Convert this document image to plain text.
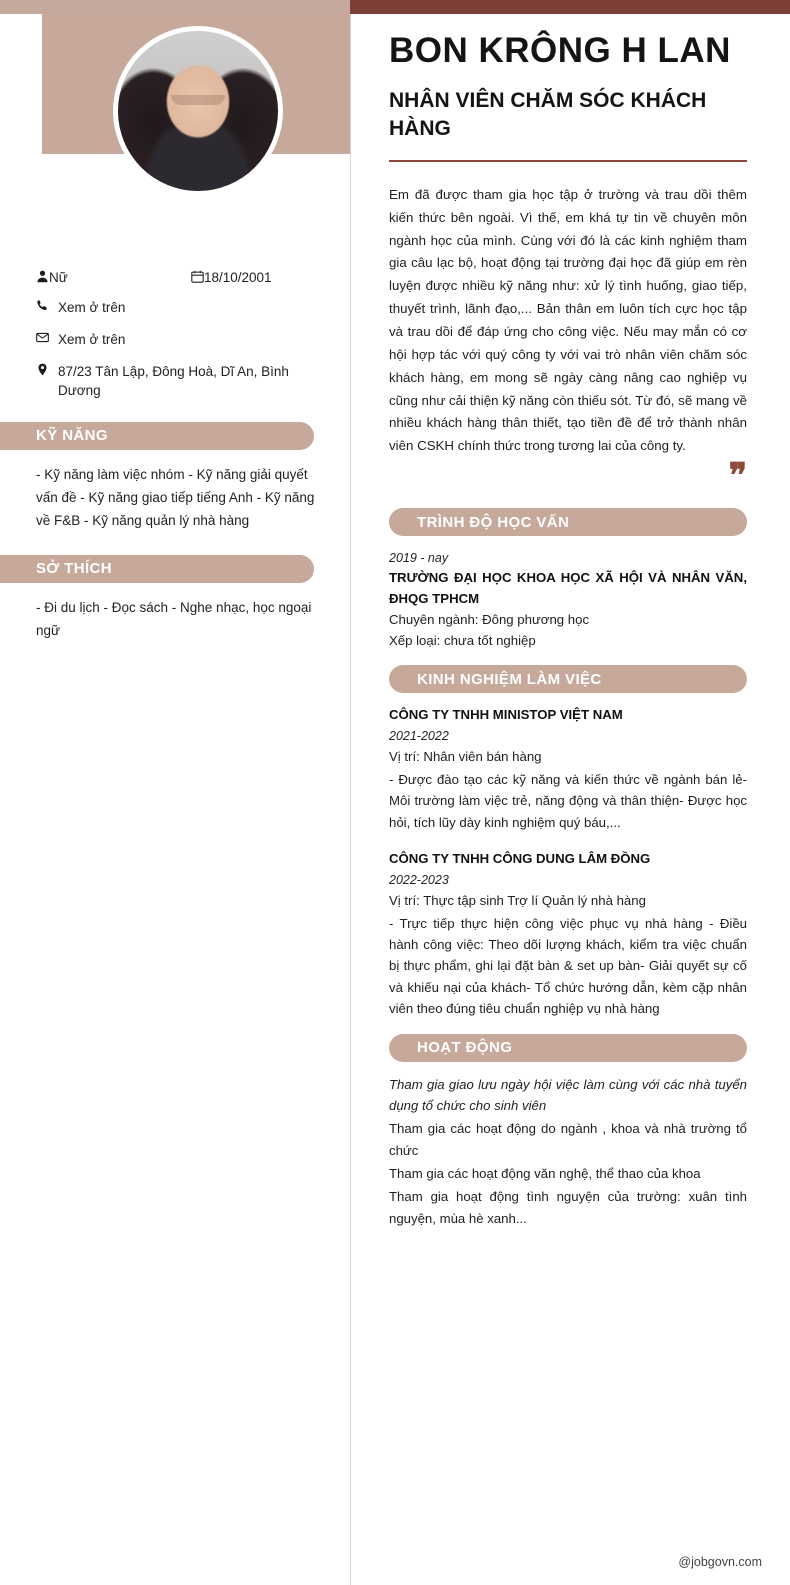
Nữ	18/10/2001
Xem ở trên
Xem ở trên
87/23 Tân Lập, Đông Hoà, Dĩ An, Bình Dương
KỸ NĂNG
- Kỹ năng làm việc nhóm - Kỹ năng giải quyết vấn đề - Kỹ năng giao tiếp tiếng Anh - Kỹ năng về F&B - Kỹ năng quản lý nhà hàng
SỞ THÍCH
- Đi du lịch - Đọc sách - Nghe nhạc, học ngoại ngữ
BON KRÔNG H LAN
NHÂN VIÊN CHĂM SÓC KHÁCH HÀNG
Em đã được tham gia học tập ở trường và trau dồi thêm kiến thức bên ngoài. Vì thế, em khá tự tin về chuyên môn ngành học của mình. Cùng với đó là các kinh nghiệm tham gia câu lạc bộ, hoạt động tại trường đại học đã giúp em rèn luyện được nhiều kỹ năng như: xử lý tình huống, giao tiếp, thuyết trình, lãnh đạo,... Bản thân em luôn tích cực học tập và trau dồi để đáp ứng cho công việc. Nếu may mắn có cơ hội hợp tác với quý công ty với vai trò nhân viên chăm sóc khách hàng, em mong sẽ ngày càng nâng cao nghiệp vụ cũng như cải thiện kỹ năng còn thiếu sót. Từ đó, sẽ mang về nhiều khách hàng thân thiết, tạo tiền đề để trở thành nhân viên CSKH chính thức trong tương lai của công ty.
❞
TRÌNH ĐỘ HỌC VẤN
2019 - nay
TRƯỜNG ĐẠI HỌC KHOA HỌC XÃ HỘI VÀ NHÂN VĂN, ĐHQG TPHCM
Chuyên ngành: Đông phương học
Xếp loại: chưa tốt nghiệp
KINH NGHIỆM LÀM VIỆC
CÔNG TY TNHH MINISTOP VIỆT NAM
2021-2022
Vị trí: Nhân viên bán hàng
- Được đào tạo các kỹ năng và kiến thức về ngành bán lẻ- Môi trường làm việc trẻ, năng động và thân thiện- Được học hỏi, tích lũy dày kinh nghiệm quý báu,...
CÔNG TY TNHH CÔNG DUNG LÂM ĐỒNG
2022-2023
Vị trí: Thực tập sinh Trợ lí Quản lý nhà hàng
- Trực tiếp thực hiện công việc phục vụ nhà hàng - Điều hành công việc: Theo dõi lượng khách, kiểm tra việc chuẩn bị thực phẩm, ghi lại đặt bàn & set up bàn- Giải quyết sự cố và khiếu nại của khách- Tổ chức hướng dẫn, kèm cặp nhân viên theo đúng tiêu chuẩn nghiệp vụ nhà hàng
HOẠT ĐỘNG
Tham gia giao lưu ngày hội việc làm cùng với các nhà tuyển dụng tổ chức cho sinh viên
Tham gia các hoạt động do ngành , khoa và nhà trường tổ chức
Tham gia các hoạt động văn nghệ, thể thao của khoa
Tham gia hoạt động tình nguyện của trường: xuân tình nguyện, mùa hè xanh...
@jobgovn.com
